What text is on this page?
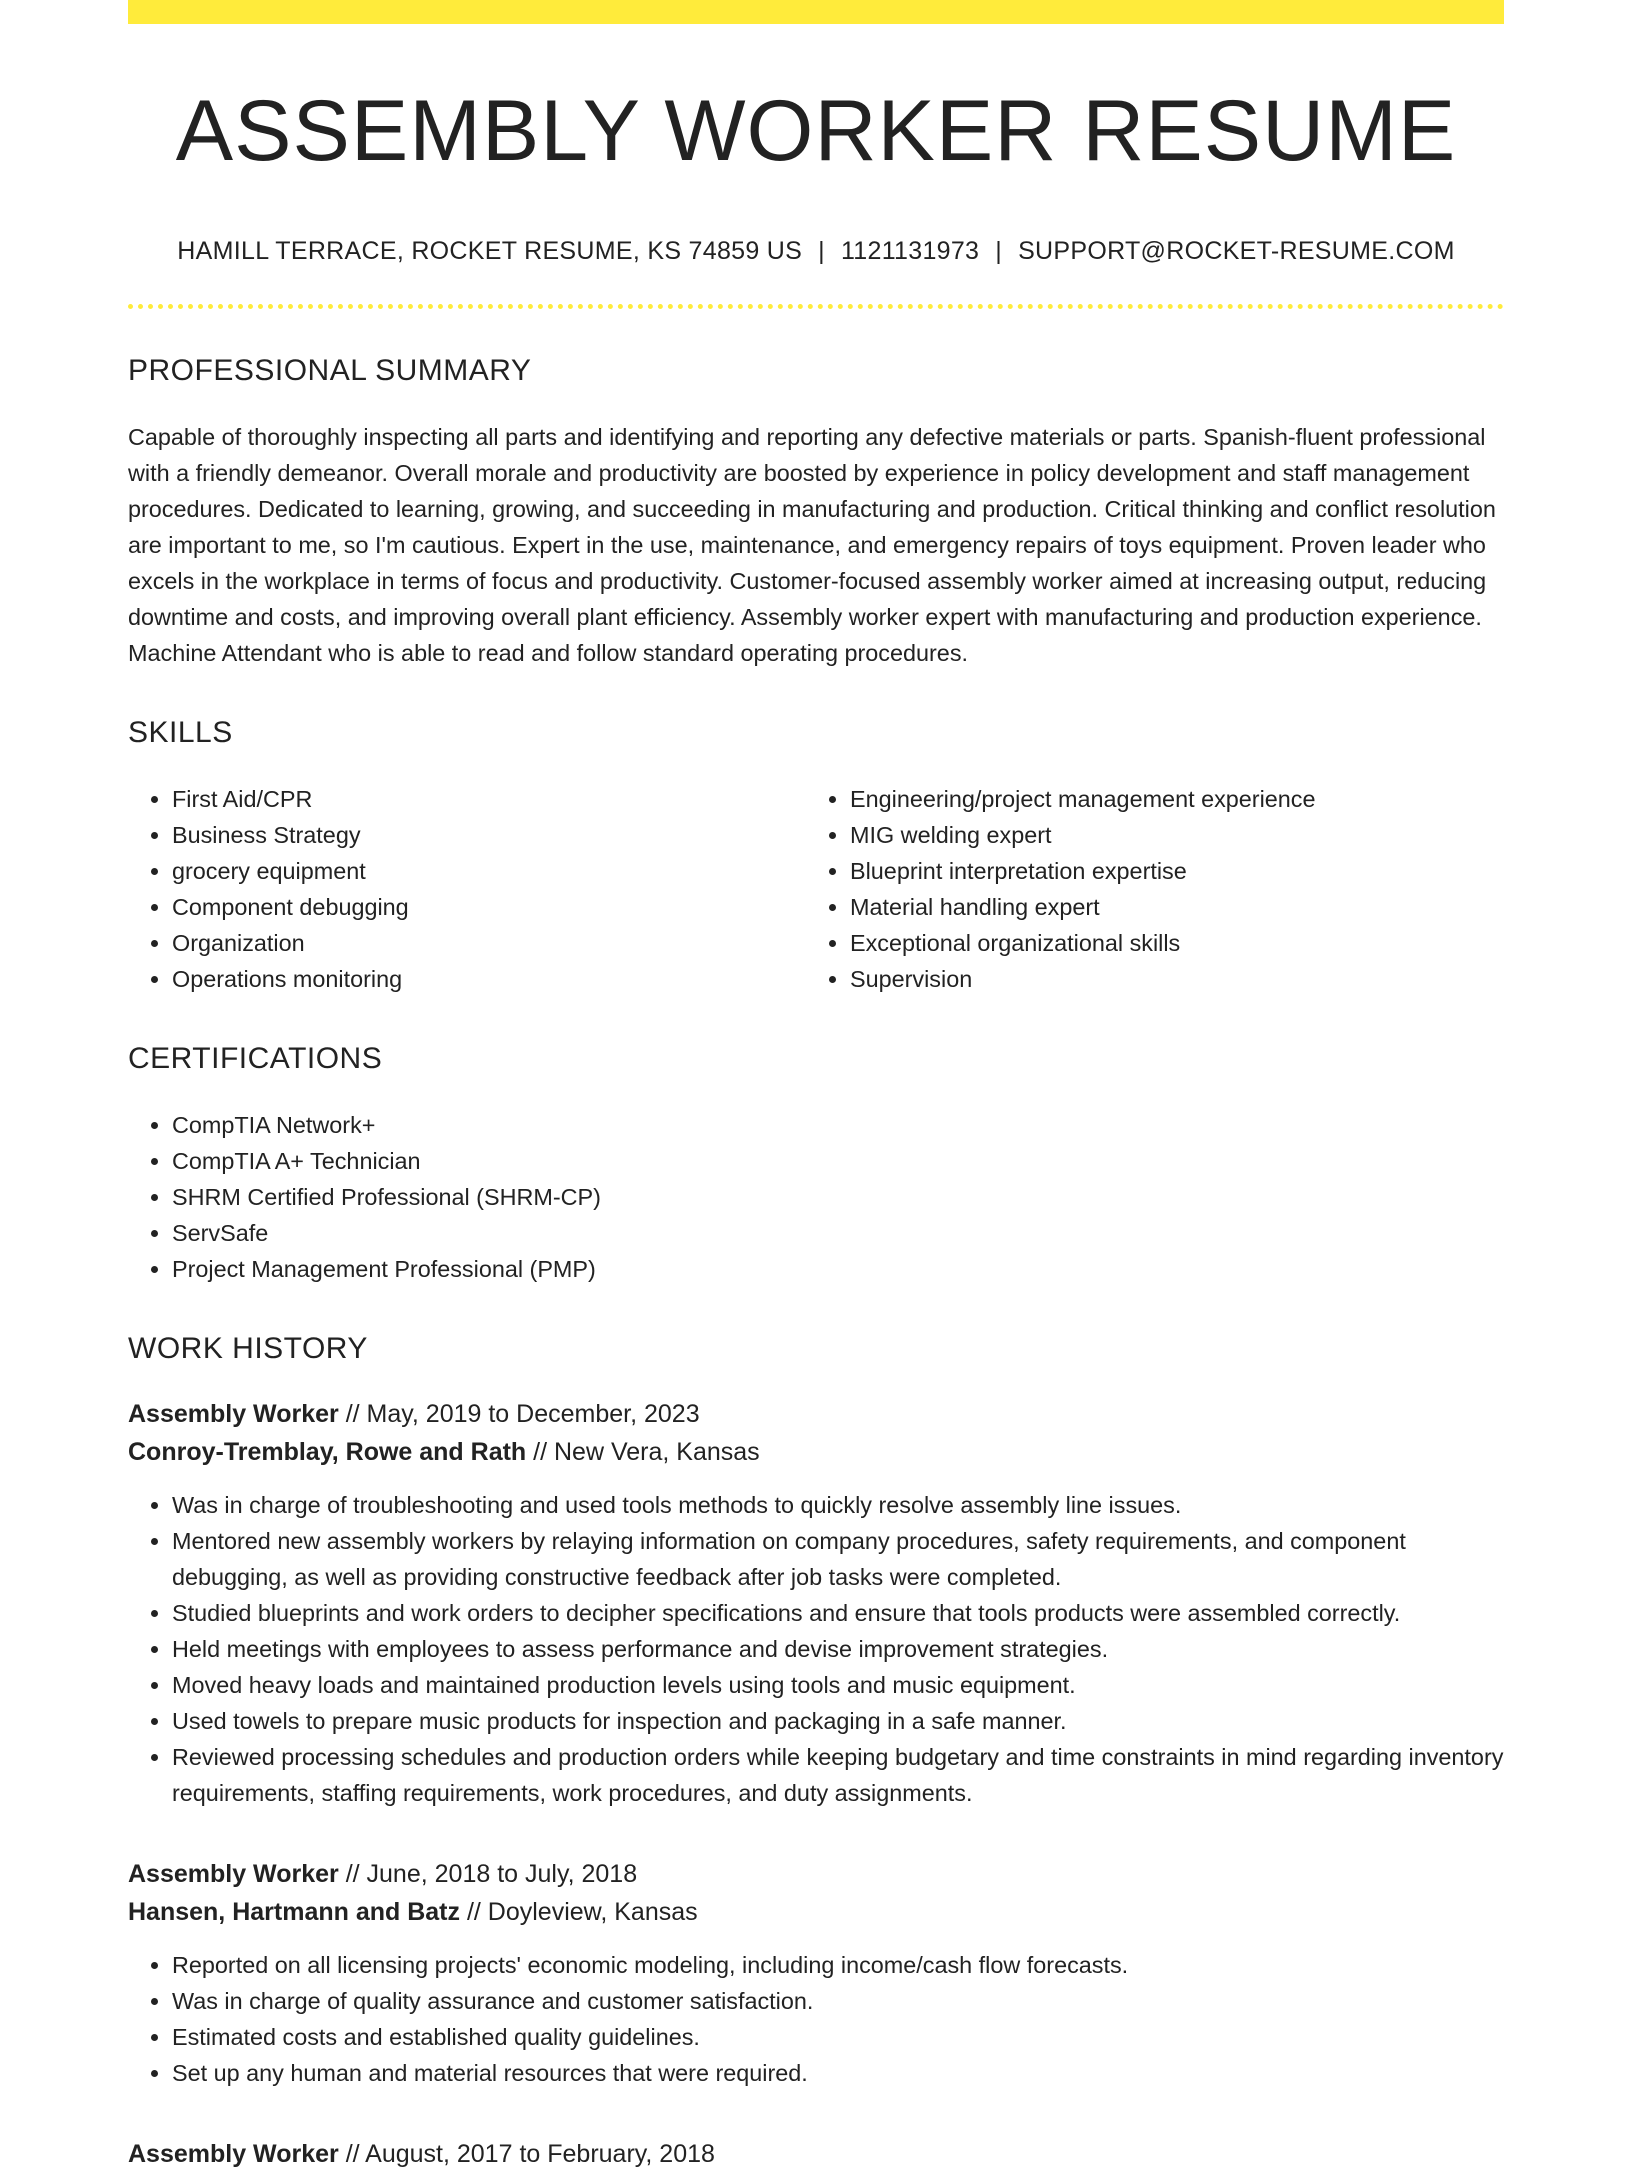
ASSEMBLY WORKER RESUME
HAMILL TERRACE, ROCKET RESUME, KS 74859 US | 1121131973 | SUPPORT@ROCKET-RESUME.COM
PROFESSIONAL SUMMARY

Capable of thoroughly inspecting all parts and identifying and reporting any defective materials or parts. Spanish-fluent professional with a friendly demeanor. Overall morale and productivity are boosted by experience in policy development and staff management procedures. Dedicated to learning, growing, and succeeding in manufacturing and production. Critical thinking and conflict resolution are important to me, so I'm cautious. Expert in the use, maintenance, and emergency repairs of toys equipment. Proven leader who excels in the workplace in terms of focus and productivity. Customer-focused assembly worker aimed at increasing output, reducing downtime and costs, and improving overall plant efficiency. Assembly worker expert with manufacturing and production experience. Machine Attendant who is able to read and follow standard operating procedures.

SKILLS
• First Aid/CPR
• Business Strategy
• grocery equipment
• Component debugging
• Organization
• Operations monitoring
• Engineering/project management experience
• MIG welding expert
• Blueprint interpretation expertise
• Material handling expert
• Exceptional organizational skills
• Supervision
CERTIFICATIONS
• CompTIA Network+
• CompTIA A+ Technician
• SHRM Certified Professional (SHRM-CP)
• ServSafe
• Project Management Professional (PMP)
WORK HISTORY
Assembly Worker // May, 2019 to December, 2023
Conroy-Tremblay, Rowe and Rath // New Vera, Kansas
• Was in charge of troubleshooting and used tools methods to quickly resolve assembly line issues.
• Mentored new assembly workers by relaying information on company procedures, safety requirements, and component debugging, as well as providing constructive feedback after job tasks were completed.
• Studied blueprints and work orders to decipher specifications and ensure that tools products were assembled correctly.
• Held meetings with employees to assess performance and devise improvement strategies.
• Moved heavy loads and maintained production levels using tools and music equipment.
• Used towels to prepare music products for inspection and packaging in a safe manner.
• Reviewed processing schedules and production orders while keeping budgetary and time constraints in mind regarding inventory requirements, staffing requirements, work procedures, and duty assignments.
Assembly Worker // June, 2018 to July, 2018
Hansen, Hartmann and Batz // Doyleview, Kansas
• Reported on all licensing projects' economic modeling, including income/cash flow forecasts.
• Was in charge of quality assurance and customer satisfaction.
• Estimated costs and established quality guidelines.
• Set up any human and material resources that were required.
Assembly Worker // August, 2017 to February, 2018
